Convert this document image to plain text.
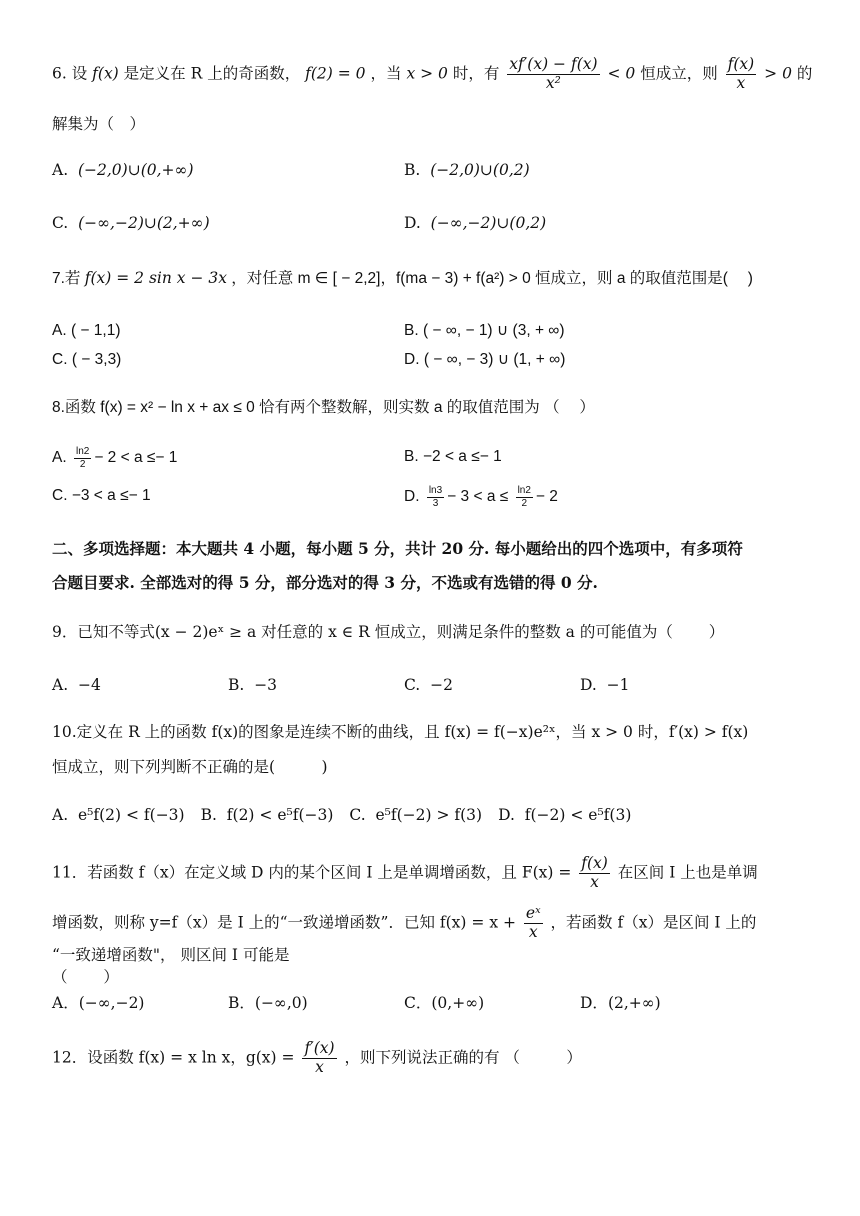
6. 设 f(x) 是定义在 R 上的奇函数， f(2) = 0 ，当 x > 0 时，有 $\frac{xf'(x) - f(x)}{\text{x²}} < 0$ 恒成立，则 $\frac{f(x)}{x} > 0$ 的
解集为（　）
A. (−2,0)∪(0,+∞)	B. (−2,0)∪(0,2)
C. (−∞,−2)∪(2,+∞)	D. (−∞,−2)∪(0,2)
7.若 f(x) = 2 sin x − 3x ，对任意 m ∈ [ − 2,2]，f(ma − 3) + f(a²) > 0 恒成立，则 a 的取值范围是(　 )
A. ( − 1,1)	B. ( − ∞, − 1) ∪ (3, + ∞)
C. ( − 3,3)	D. ( − ∞, − 3) ∪ (1, + ∞)
8.函数 f(x) = x² − ln x + ax ≤ 0 恰有两个整数解，则实数 a 的取值范围为 （　 ）
A. $\frac{\ln 2}{2} - 2 < a \le- 1$	B. −2 < a ≤− 1
C. −3 < a ≤− 1	D. $\frac{\ln 3}{3} - 3 < a \le \frac{\ln 2}{2} - 2$
二、多项选择题：本大题共 4 小题，每小题 5 分，共计 20 分. 每小题给出的四个选项中，有多项符
合题目要求. 全部选对的得 5 分，部分选对的得 3 分，不选或有选错的得 0 分.
9．已知不等式(x − 2)eˣ ≥ a 对任意的 x ∈ R 恒成立，则满足条件的整数 a 的可能值为（　　 ）
A. −4	B. −3	C. −2	D. −1
10.定义在 R 上的函数 f(x)的图象是连续不断的曲线，且 f(x) = f(−x)e²ˣ，当 x > 0 时，f′(x) > f(x)
恒成立，则下列判断不正确的是(　　　)
A. e⁵f(2) < f(−3) B. f(2) < e⁵f(−3) C. e⁵f(−2) > f(3) D. f(−2) < e⁵f(3)
11．若函数 f（x）在定义域 D 内的某个区间 I 上是单调增函数，且 $F(x) = \frac{f(x)}{x}$ 在区间 I 上也是单调
增函数，则称 y=f（x）是 I 上的“一致递增函数”．已知 $f(x) = x + \frac{\text{eˣ}}{x}$ ，若函数 f（x）是区间 I 上的
“一致递增函数"， 则区间 I 可能是
（　　 ）
A．(−∞,−2)	B．(−∞,0)	C．(0,+∞)	D．(2,+∞)
12．设函数 f(x) = x ln x，$g(x) = \frac{f'(x)}{x}$ ，则下列说法正确的有 （　　　）
